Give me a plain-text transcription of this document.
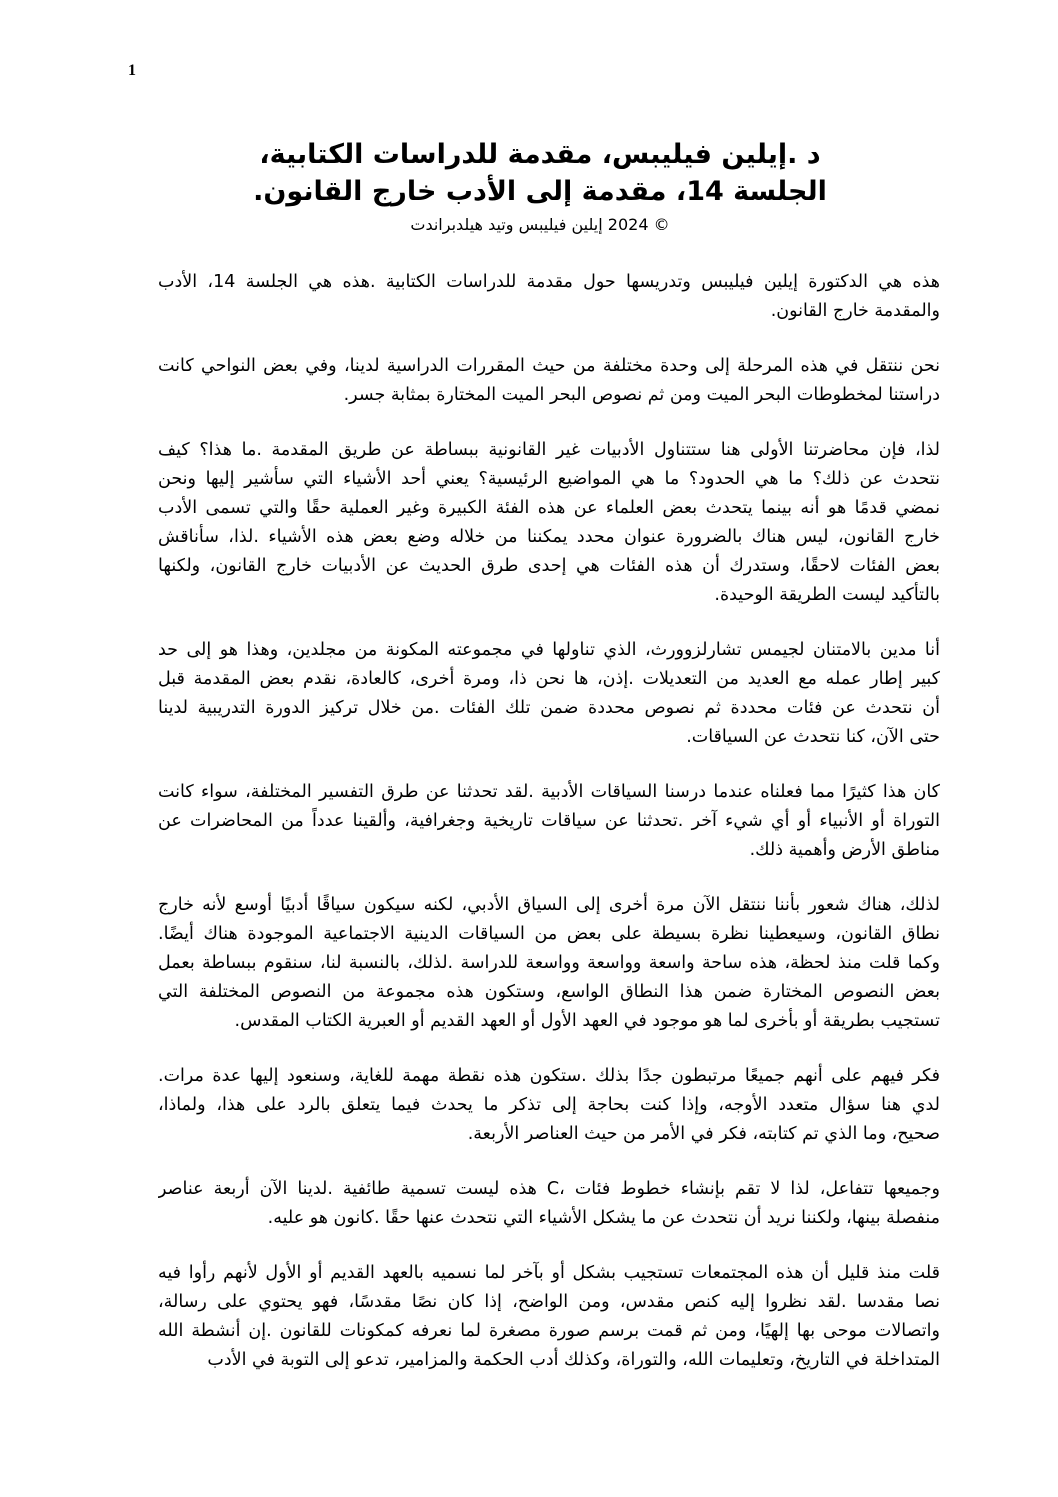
1
د .إيلين فيليبس، مقدمة للدراسات الكتابية،
الجلسة 14، مقدمة إلى الأدب خارج القانون.
© 2024 إيلين فيليبس وتيد هيلدبراندت
هذه هي الدكتورة إيلين فيليبس وتدريسها حول مقدمة للدراسات الكتابية .هذه هي الجلسة 14، الأدب
والمقدمة خارج القانون.
نحن ننتقل في هذه المرحلة إلى وحدة مختلفة من حيث المقررات الدراسية لدينا، وفي بعض النواحي كانت
دراستنا لمخطوطات البحر الميت ومن ثم نصوص البحر الميت المختارة بمثابة جسر.
لذا، فإن محاضرتنا الأولى هنا ستتناول الأدبيات غير القانونية ببساطة عن طريق المقدمة .ما هذا؟ كيف
نتحدث عن ذلك؟ ما هي الحدود؟ ما هي المواضيع الرئيسية؟ يعني أحد الأشياء التي سأشير إليها ونحن
نمضي قدمًا هو أنه بينما يتحدث بعض العلماء عن هذه الفئة الكبيرة وغير العملية حقًا والتي تسمى الأدب
خارج القانون، ليس هناك بالضرورة عنوان محدد يمكننا من خلاله وضع بعض هذه الأشياء .لذا، سأناقش
بعض الفئات لاحقًا، وستدرك أن هذه الفئات هي إحدى طرق الحديث عن الأدبيات خارج القانون، ولكنها
بالتأكيد ليست الطريقة الوحيدة.
أنا مدين بالامتنان لجيمس تشارلزوورث، الذي تناولها في مجموعته المكونة من مجلدين، وهذا هو إلى حد
كبير إطار عمله مع العديد من التعديلات .إذن، ها نحن ذا، ومرة أخرى، كالعادة، نقدم بعض المقدمة قبل
أن نتحدث عن فئات محددة ثم نصوص محددة ضمن تلك الفئات .من خلال تركيز الدورة التدريبية لدينا
حتى الآن، كنا نتحدث عن السياقات.
كان هذا كثيرًا مما فعلناه عندما درسنا السياقات الأدبية .لقد تحدثنا عن طرق التفسير المختلفة، سواء كانت
التوراة أو الأنبياء أو أي شيء آخر .تحدثنا عن سياقات تاريخية وجغرافية، وألقينا عدداً من المحاضرات عن
مناطق الأرض وأهمية ذلك.
لذلك، هناك شعور بأننا ننتقل الآن مرة أخرى إلى السياق الأدبي، لكنه سيكون سياقًا أدبيًا أوسع لأنه خارج
نطاق القانون، وسيعطينا نظرة بسيطة على بعض من السياقات الدينية الاجتماعية الموجودة هناك أيضًا.
وكما قلت منذ لحظة، هذه ساحة واسعة وواسعة وواسعة للدراسة .لذلك، بالنسبة لنا، سنقوم ببساطة بعمل
بعض النصوص المختارة ضمن هذا النطاق الواسع، وستكون هذه مجموعة من النصوص المختلفة التي
تستجيب بطريقة أو بأخرى لما هو موجود في العهد الأول أو العهد القديم أو العبرية الكتاب المقدس.
فكر فيهم على أنهم جميعًا مرتبطون جدًا بذلك .ستكون هذه نقطة مهمة للغاية، وسنعود إليها عدة مرات.
لدي هنا سؤال متعدد الأوجه، وإذا كنت بحاجة إلى تذكر ما يحدث فيما يتعلق بالرد على هذا، ولماذا،
صحيح، وما الذي تم كتابته، فكر في الأمر من حيث العناصر الأربعة.
وجميعها تتفاعل، لذا لا تقم بإنشاء خطوط فئات ،C هذه ليست تسمية طائفية .لدينا الآن أربعة عناصر
منفصلة بينها، ولكننا نريد أن نتحدث عن ما يشكل الأشياء التي نتحدث عنها حقًا .كانون هو عليه.
قلت منذ قليل أن هذه المجتمعات تستجيب بشكل أو بآخر لما نسميه بالعهد القديم أو الأول لأنهم رأوا فيه
نصا مقدسا .لقد نظروا إليه كنص مقدس، ومن الواضح، إذا كان نصًا مقدسًا، فهو يحتوي على رسالة،
واتصالات موحى بها إلهيًا، ومن ثم قمت برسم صورة مصغرة لما نعرفه كمكونات للقانون .إن أنشطة الله
المتداخلة في التاريخ، وتعليمات الله، والتوراة، وكذلك أدب الحكمة والمزامير، تدعو إلى التوبة في الأدب
